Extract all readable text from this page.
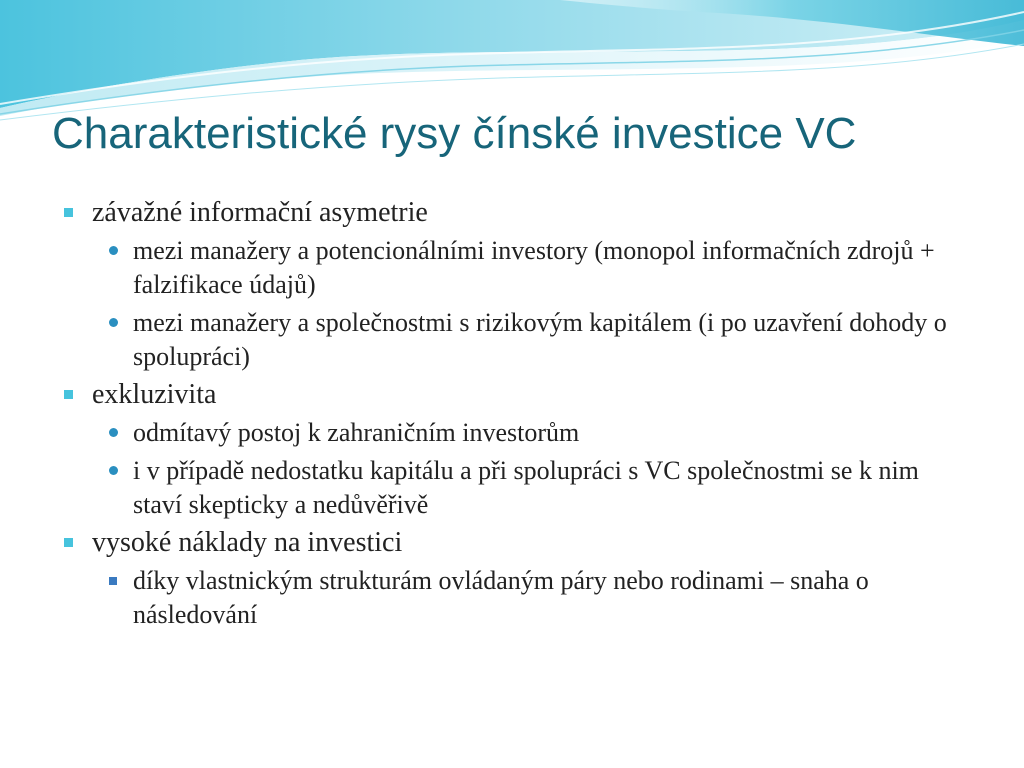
Charakteristické rysy čínské investice VC
závažné informační asymetrie
mezi manažery a potencionálními investory (monopol informačních zdrojů + falzifikace údajů)
mezi manažery a společnostmi s rizikovým kapitálem (i po uzavření dohody o spolupráci)
exkluzivita
odmítavý postoj k zahraničním investorům
i v případě nedostatku kapitálu a při spolupráci s VC společnostmi se k nim staví skepticky a nedůvěřivě
vysoké náklady na investici
díky vlastnickým strukturám ovládaným páry nebo rodinami – snaha o následování
